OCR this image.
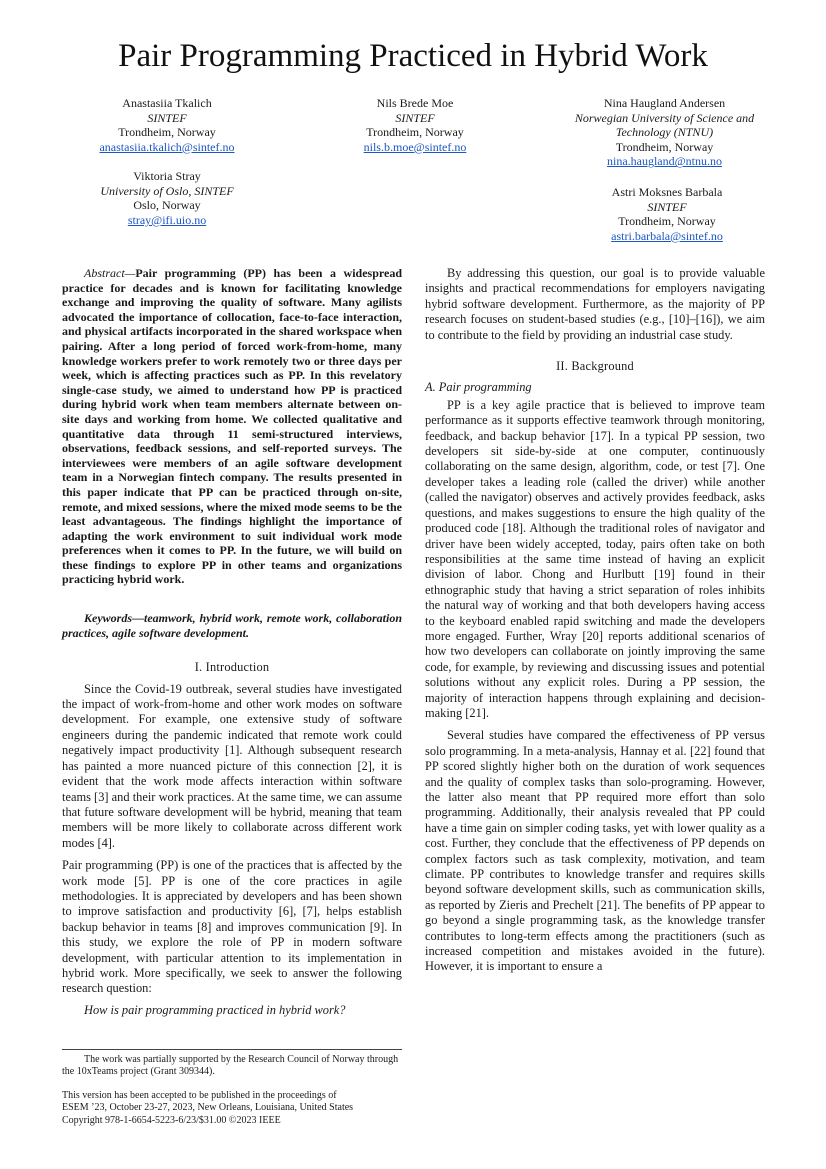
Pair Programming Practiced in Hybrid Work
Anastasiia Tkalich
SINTEF
Trondheim, Norway
anastasiia.tkalich@sintef.no
Nils Brede Moe
SINTEF
Trondheim, Norway
nils.b.moe@sintef.no
Nina Haugland Andersen
Norwegian University of Science and Technology (NTNU)
Trondheim, Norway
nina.haugland@ntnu.no
Viktoria Stray
University of Oslo, SINTEF
Oslo, Norway
stray@ifi.uio.no
Astri Moksnes Barbala
SINTEF
Trondheim, Norway
astri.barbala@sintef.no

Abstract—Pair programming (PP) has been a widespread practice for decades and is known for facilitating knowledge exchange and improving the quality of software. Many agilists advocated the importance of collocation, face-to-face interaction, and physical artifacts incorporated in the shared workspace when pairing. After a long period of forced work-from-home, many knowledge workers prefer to work remotely two or three days per week, which is affecting practices such as PP. In this revelatory single-case study, we aimed to understand how PP is practiced during hybrid work when team members alternate between on-site days and working from home. We collected qualitative and quantitative data through 11 semi-structured interviews, observations, feedback sessions, and self-reported surveys. The interviewees were members of an agile software development team in a Norwegian fintech company. The results presented in this paper indicate that PP can be practiced through on-site, remote, and mixed sessions, where the mixed mode seems to be the least advantageous. The findings highlight the importance of adapting the work environment to suit individual work mode preferences when it comes to PP. In the future, we will build on these findings to explore PP in other teams and organizations practicing hybrid work.

Keywords—teamwork, hybrid work, remote work, collaboration practices, agile software development.

I. Introduction

Since the Covid-19 outbreak, several studies have investigated the impact of work-from-home and other work modes on software development. For example, one extensive study of software engineers during the pandemic indicated that remote work could negatively impact productivity [1]. Although subsequent research has painted a more nuanced picture of this connection [2], it is evident that the work mode affects interaction within software teams [3] and their work practices. At the same time, we can assume that future software development will be hybrid, meaning that team members will be more likely to collaborate across different work modes [4].

Pair programming (PP) is one of the practices that is affected by the work mode [5]. PP is one of the core practices in agile methodologies. It is appreciated by developers and has been shown to improve satisfaction and productivity [6], [7], helps establish backup behavior in teams [8] and improves communication [9]. In this study, we explore the role of PP in modern software development, with particular attention to its implementation in hybrid work. More specifically, we seek to answer the following research question:

How is pair programming practiced in hybrid work?

By addressing this question, our goal is to provide valuable insights and practical recommendations for employers navigating hybrid software development. Furthermore, as the majority of PP research focuses on student-based studies (e.g., [10]–[16]), we aim to contribute to the field by providing an industrial case study.

II. Background
A. Pair programming

PP is a key agile practice that is believed to improve team performance as it supports effective teamwork through monitoring, feedback, and backup behavior [17]. In a typical PP session, two developers sit side-by-side at one computer, continuously collaborating on the same design, algorithm, code, or test [7]. One developer takes a leading role (called the driver) while another (called the navigator) observes and actively provides feedback, asks questions, and makes suggestions to ensure the high quality of the produced code [18]. Although the traditional roles of navigator and driver have been widely accepted, today, pairs often take on both responsibilities at the same time instead of having an explicit division of labor. Chong and Hurlbutt [19] found in their ethnographic study that having a strict separation of roles inhibits the natural way of working and that both developers having access to the keyboard enabled rapid switching and made the developers more engaged. Further, Wray [20] reports additional scenarios of how two developers can collaborate on jointly improving the same code, for example, by reviewing and discussing issues and potential solutions without any explicit roles. During a PP session, the majority of interaction happens through explaining and decision-making [21].

Several studies have compared the effectiveness of PP versus solo programming. In a meta-analysis, Hannay et al. [22] found that PP scored slightly higher both on the duration of work sequences and the quality of complex tasks than solo-programing. However, the latter also meant that PP required more effort than solo programming. Additionally, their analysis revealed that PP could have a time gain on simpler coding tasks, yet with lower quality as a cost. Further, they conclude that the effectiveness of PP depends on complex factors such as task complexity, motivation, and team climate. PP contributes to knowledge transfer and requires skills beyond software development skills, such as communication skills, as reported by Zieris and Prechelt [21]. The benefits of PP appear to go beyond a single programming task, as the knowledge transfer contributes to long-term effects among the practitioners (such as increased competition and mistakes avoided in the future). However, it is important to ensure a

The work was partially supported by the Research Council of Norway through the 10xTeams project (Grant 309344).

This version has been accepted to be published in the proceedings of
ESEM ’23, October 23-27, 2023, New Orleans, Louisiana, United States
Copyright 978-1-6654-5223-6/23/$31.00 ©2023 IEEE
